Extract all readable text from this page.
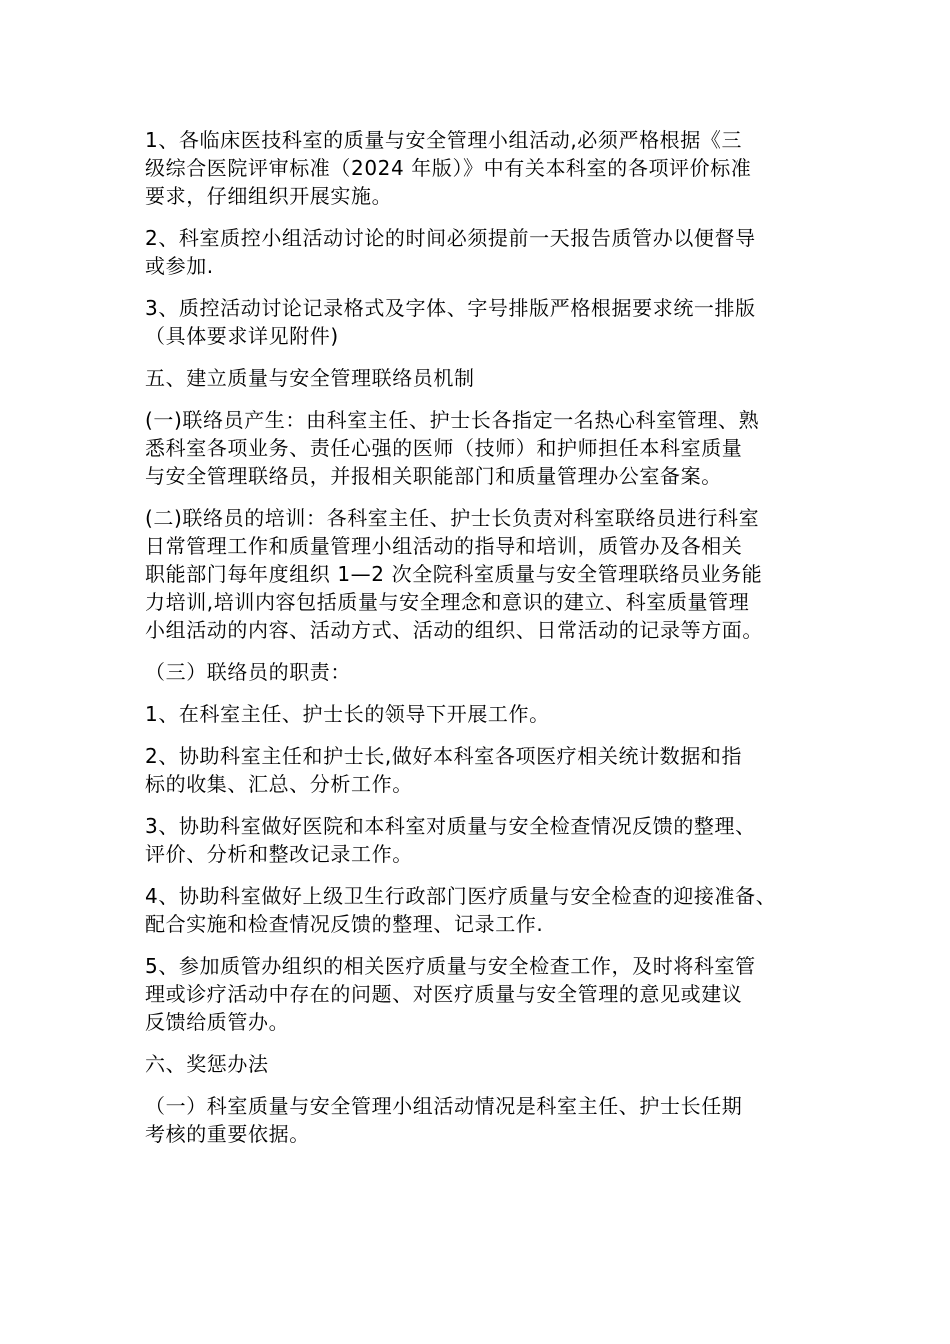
1、各临床医技科室的质量与安全管理小组活动,必须严格根据《三
级综合医院评审标准（2024 年版）》中有关本科室的各项评价标准
要求，仔细组织开展实施。

2、科室质控小组活动讨论的时间必须提前一天报告质管办以便督导
或参加.

3、质控活动讨论记录格式及字体、字号排版严格根据要求统一排版
（具体要求详见附件)

五、建立质量与安全管理联络员机制

(一)联络员产生：由科室主任、护士长各指定一名热心科室管理、熟
悉科室各项业务、责任心强的医师（技师）和护师担任本科室质量
与安全管理联络员，并报相关职能部门和质量管理办公室备案。

(二)联络员的培训：各科室主任、护士长负责对科室联络员进行科室
日常管理工作和质量管理小组活动的指导和培训，质管办及各相关
职能部门每年度组织 1—2 次全院科室质量与安全管理联络员业务能
力培训,培训内容包括质量与安全理念和意识的建立、科室质量管理
小组活动的内容、活动方式、活动的组织、日常活动的记录等方面。

（三）联络员的职责：

1、在科室主任、护士长的领导下开展工作。

2、协助科室主任和护士长,做好本科室各项医疗相关统计数据和指
标的收集、汇总、分析工作。

3、协助科室做好医院和本科室对质量与安全检查情况反馈的整理、
评价、分析和整改记录工作。

4、协助科室做好上级卫生行政部门医疗质量与安全检查的迎接准备、
配合实施和检查情况反馈的整理、记录工作.

5、参加质管办组织的相关医疗质量与安全检查工作，及时将科室管
理或诊疗活动中存在的问题、对医疗质量与安全管理的意见或建议
反馈给质管办。

六、奖惩办法

（一）科室质量与安全管理小组活动情况是科室主任、护士长任期
考核的重要依据。
